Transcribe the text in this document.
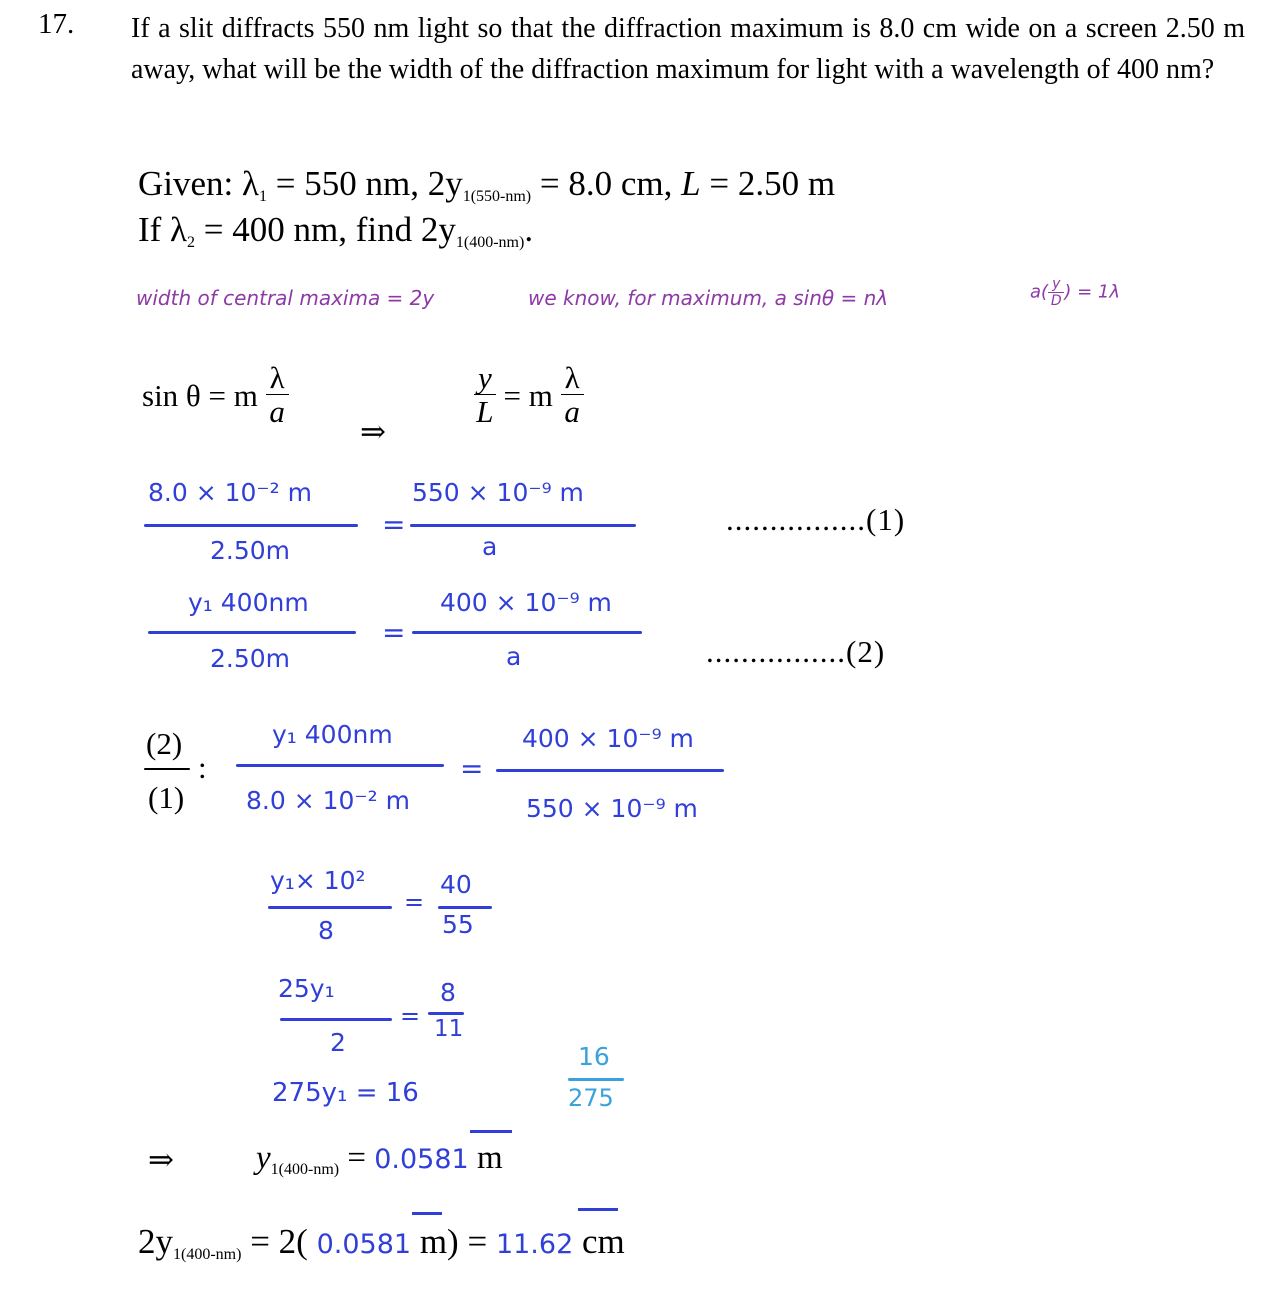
17. If a slit diffracts 550 nm light so that the diffraction maximum is 8.0 cm wide on a screen 2.50 m away, what will be the width of the diffraction maximum for light with a wavelength of 400 nm?
Given: $\lambda_1 = 550$ nm, $2y_{1(550-nm)} = 8.0$ cm, L = 2.50 m
If $\lambda_2 = 400$ nm, find $2y_{1(400-nm)}$.
width of central maxima = 2y	we know, for maximum, a sinθ = nλ	$a( \frac{y}{D}$ ) = 1λ
sin θ = m $\frac{\lambda}{a}$
⇒
$\frac{y}{L} = m \frac{\lambda}{a}$
8.0 × 10⁻² m
2.50m
=
550 × 10⁻⁹ m
a
................(1)
y₁ 400nm
2.50m
=
400 × 10⁻⁹ m
a	................(2)
(2)
(1)
:
y₁ 400nm
8.0 × 10⁻² m
=
400 × 10⁻⁹ m
550 × 10⁻⁹ m
y₁× 10²
8
=
40
55
25y₁
2
=
8
11
275y₁ = 16
16
275
⇒ $y_{1(400-nm)} = 0.0581$ m
$2y_{1(400-nm)} = 2$( 0.0581 m) = 11.62 cm
